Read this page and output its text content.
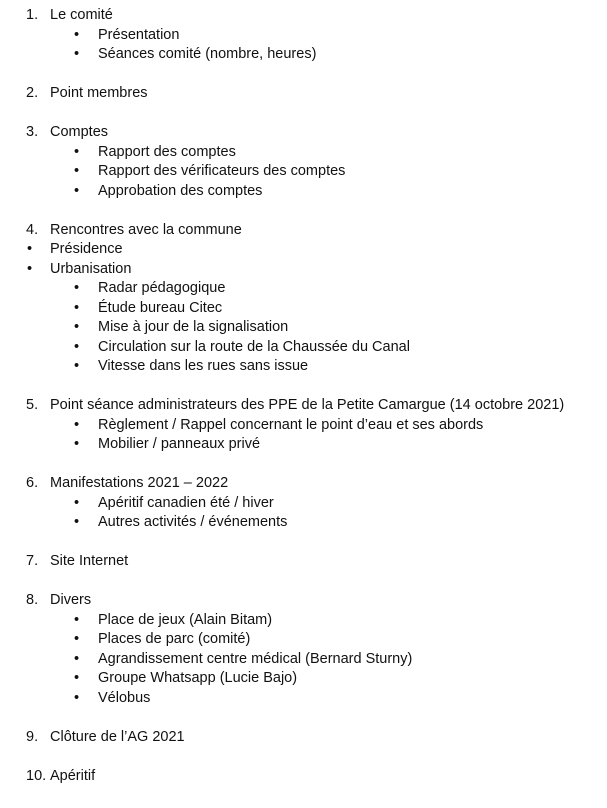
1. Le comité
• Présentation
• Séances comité (nombre, heures)
2. Point membres
3. Comptes
• Rapport des comptes
• Rapport des vérificateurs des comptes
• Approbation des comptes
4. Rencontres avec la commune
• Présidence
• Urbanisation
• Radar pédagogique
• Étude bureau Citec
• Mise à jour de la signalisation
• Circulation sur la route de la Chaussée du Canal
• Vitesse dans les rues sans issue
5. Point séance administrateurs des PPE de la Petite Camargue (14 octobre 2021)
• Règlement / Rappel concernant le point d’eau et ses abords
• Mobilier / panneaux privé
6. Manifestations 2021 – 2022
• Apéritif canadien été / hiver
• Autres activités / événements
7. Site Internet
8. Divers
• Place de jeux (Alain Bitam)
• Places de parc (comité)
• Agrandissement centre médical (Bernard Sturny)
• Groupe Whatsapp (Lucie Bajo)
• Vélobus
9. Clôture de l’AG 2021
10. Apéritif
